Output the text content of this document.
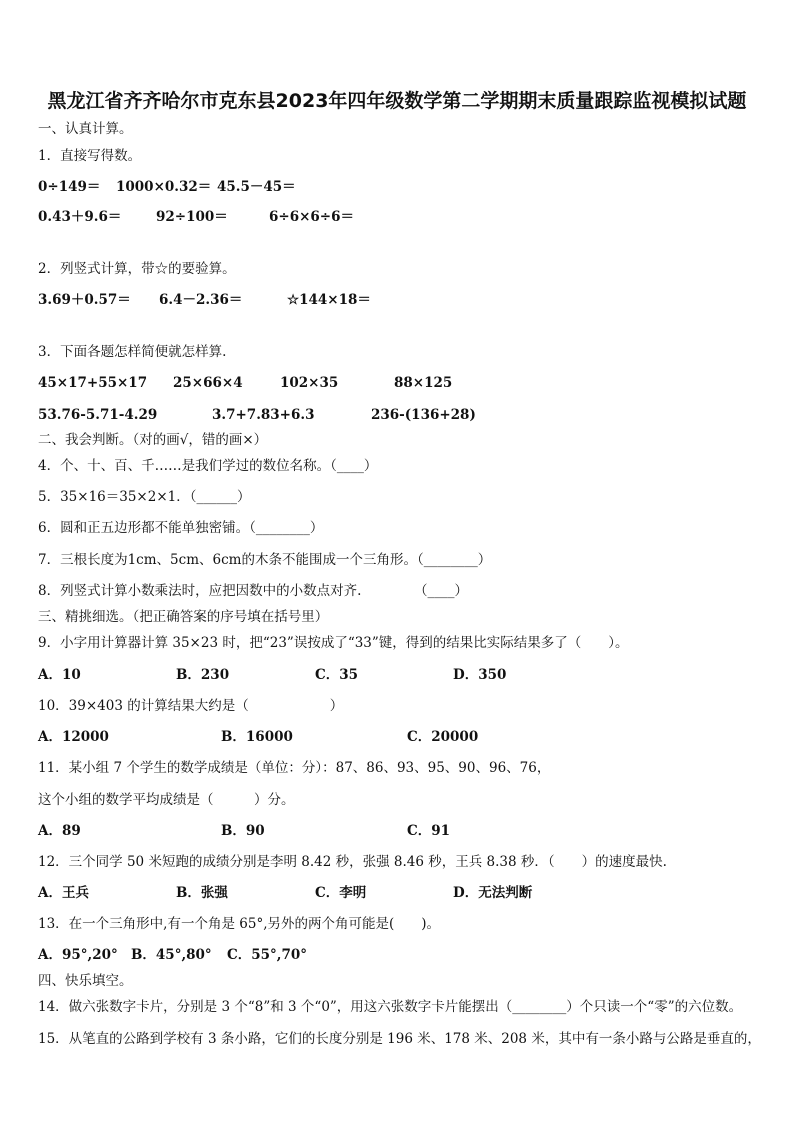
黑龙江省齐齐哈尔市克东县2023年四年级数学第二学期期末质量跟踪监视模拟试题
一、认真计算。
1．直接写得数。
0÷149＝ 1000×0.32＝ 45.5－45＝
0.43＋9.6＝	92÷100＝	6÷6×6÷6＝
2．列竖式计算，带☆的要验算。
3.69＋0.57＝ 6.4－2.36＝	☆144×18＝
3．下面各题怎样简便就怎样算.
45×17+55×17 25×66×4	102×35	88×125
53.76-5.71-4.29	3.7+7.83+6.3	236-(136+28)
二、我会判断。（对的画√，错的画×）
4．个、十、百、千……是我们学过的数位名称。（____）
5．35×16＝35×2×1．（______）
6．圆和正五边形都不能单独密铺。（________）
7．三根长度为1cm、5cm、6cm的木条不能围成一个三角形。（________）
8．列竖式计算小数乘法时，应把因数中的小数点对齐.	（____）
三、精挑细选。（把正确答案的序号填在括号里）
9．小字用计算器计算 35×23 时，把“23”误按成了“33”键，得到的结果比实际结果多了（　　）。
A．10	B．230	C．35	D．350
10．39×403 的计算结果大约是（　　　　　　）
A．12000	B．16000	C．20000
11．某小组 7 个学生的数学成绩是（单位：分）：87、86、93、95、90、96、76，
这个小组的数学平均成绩是（　　　）分。
A．89	B．90	C．91
12．三个同学 50 米短跑的成绩分别是李明 8.42 秒，张强 8.46 秒，王兵 8.38 秒．（　　）的速度最快.
A．王兵	B．张强	C．李明	D．无法判断
13．在一个三角形中,有一个角是 65°,另外的两个角可能是(　　)。
A．95°,20° B．45°,80° C．55°,70°
四、快乐填空。
14．做六张数字卡片，分别是 3 个“8”和 3 个“0”，用这六张数字卡片能摆出（________）个只读一个“零”的六位数。
15．从笔直的公路到学校有 3 条小路，它们的长度分别是 196 米、178 米、208 米，其中有一条小路与公路是垂直的，
